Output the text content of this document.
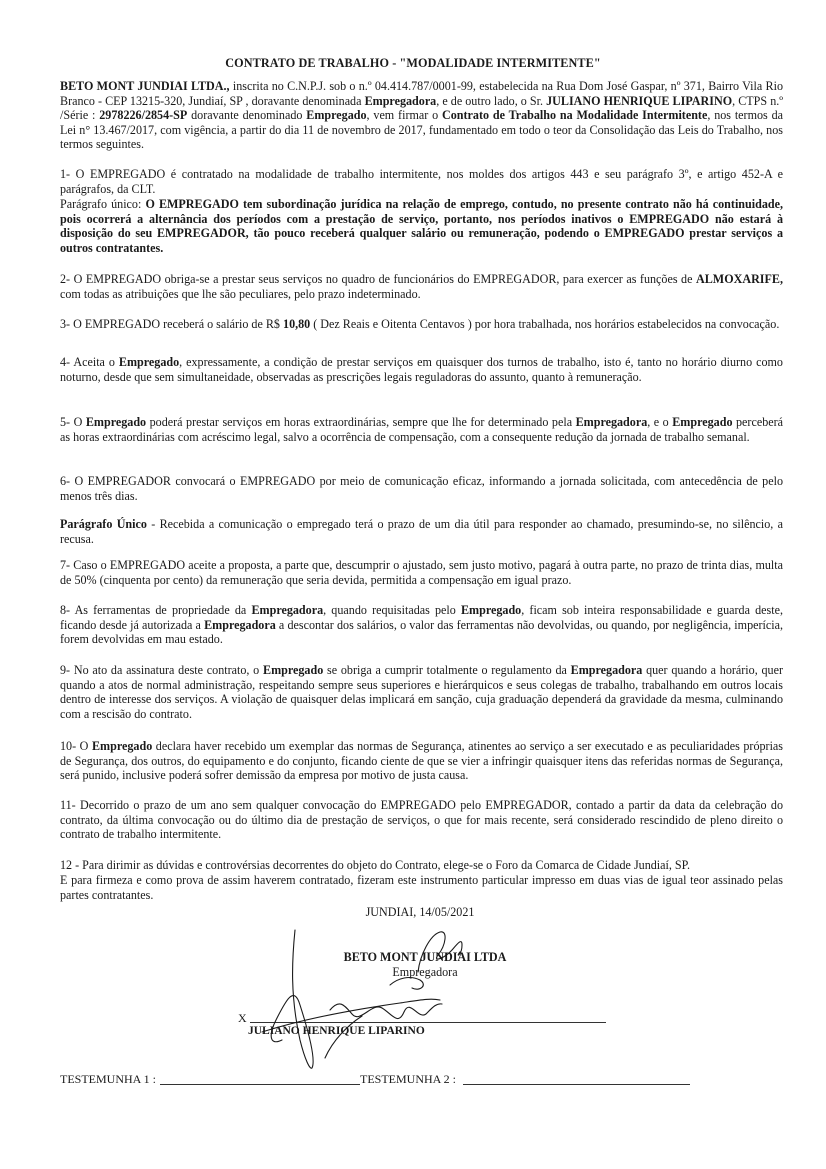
CONTRATO DE TRABALHO - "MODALIDADE INTERMITENTE"

BETO MONT JUNDIAI LTDA., inscrita no C.N.P.J. sob o n.º 04.414.787/0001-99, estabelecida na Rua Dom José Gaspar, nº 371, Bairro Vila Rio Branco - CEP 13215-320, Jundiaí, SP , doravante denominada Empregadora, e de outro lado, o Sr. JULIANO HENRIQUE LIPARINO, CTPS n.º /Série : 2978226/2854-SP doravante denominado Empregado, vem firmar o Contrato de Trabalho na Modalidade Intermitente, nos termos da Lei n° 13.467/2017, com vigência, a partir do dia 11 de novembro de 2017, fundamentado em todo o teor da Consolidação das Leis do Trabalho, nos termos seguintes.

1- O EMPREGADO é contratado na modalidade de trabalho intermitente, nos moldes dos artigos 443 e seu parágrafo 3º, e artigo 452-A e parágrafos, da CLT.

Parágrafo único: O EMPREGADO tem subordinação jurídica na relação de emprego, contudo, no presente contrato não há continuidade, pois ocorrerá a alternância dos períodos com a prestação de serviço, portanto, nos períodos inativos o EMPREGADO não estará à disposição do seu EMPREGADOR, tão pouco receberá qualquer salário ou remuneração, podendo o EMPREGADO prestar serviços a outros contratantes.

2- O EMPREGADO obriga-se a prestar seus serviços no quadro de funcionários do EMPREGADOR, para exercer as funções de ALMOXARIFE, com todas as atribuições que lhe são peculiares, pelo prazo indeterminado.

3- O EMPREGADO receberá o salário de R$ 10,80 ( Dez Reais e Oitenta Centavos ) por hora trabalhada, nos horários estabelecidos na convocação.

4- Aceita o Empregado, expressamente, a condição de prestar serviços em quaisquer dos turnos de trabalho, isto é, tanto no horário diurno como noturno, desde que sem simultaneidade, observadas as prescrições legais reguladoras do assunto, quanto à remuneração.

5- O Empregado poderá prestar serviços em horas extraordinárias, sempre que lhe for determinado pela Empregadora, e o Empregado perceberá as horas extraordinárias com acréscimo legal, salvo a ocorrência de compensação, com a consequente redução da jornada de trabalho semanal.

6- O EMPREGADOR convocará o EMPREGADO por meio de comunicação eficaz, informando a jornada solicitada, com antecedência de pelo menos três dias.

Parágrafo Único - Recebida a comunicação o empregado terá o prazo de um dia útil para responder ao chamado, presumindo-se, no silêncio, a recusa.

7- Caso o EMPREGADO aceite a proposta, a parte que, descumprir o ajustado, sem justo motivo, pagará à outra parte, no prazo de trinta dias, multa de 50% (cinquenta por cento) da remuneração que seria devida, permitida a compensação em igual prazo.

8- As ferramentas de propriedade da Empregadora, quando requisitadas pelo Empregado, ficam sob inteira responsabilidade e guarda deste, ficando desde já autorizada a Empregadora a descontar dos salários, o valor das ferramentas não devolvidas, ou quando, por negligência, imperícia, forem devolvidas em mau estado.

9- No ato da assinatura deste contrato, o Empregado se obriga a cumprir totalmente o regulamento da Empregadora quer quando a horário, quer quando a atos de normal administração, respeitando sempre seus superiores e hierárquicos e seus colegas de trabalho, trabalhando em outros locais dentro de interesse dos serviços. A violação de quaisquer delas implicará em sanção, cuja graduação dependerá da gravidade da mesma, culminando com a rescisão do contrato.

10- O Empregado declara haver recebido um exemplar das normas de Segurança, atinentes ao serviço a ser executado e as peculiaridades próprias de Segurança, dos outros, do equipamento e do conjunto, ficando ciente de que se vier a infringir quaisquer itens das referidas normas de Segurança, será punido, inclusive poderá sofrer demissão da empresa por motivo de justa causa.

11- Decorrido o prazo de um ano sem qualquer convocação do EMPREGADO pelo EMPREGADOR, contado a partir da data da celebração do contrato, da última convocação ou do último dia de prestação de serviços, o que for mais recente, será considerado rescindido de pleno direito o contrato de trabalho intermitente.

12 - Para dirimir as dúvidas e controvérsias decorrentes do objeto do Contrato, elege-se o Foro da Comarca de Cidade Jundiaí, SP.

E para firmeza e como prova de assim haverem contratado, fizeram este instrumento particular impresso em duas vias de igual teor assinado pelas partes contratantes.

JUNDIAI, 14/05/2021
BETO MONT JUNDIAI LTDA
Empregadora
X
JULIANO HENRIQUE LIPARINO
TESTEMUNHA 1 :	TESTEMUNHA 2 :
